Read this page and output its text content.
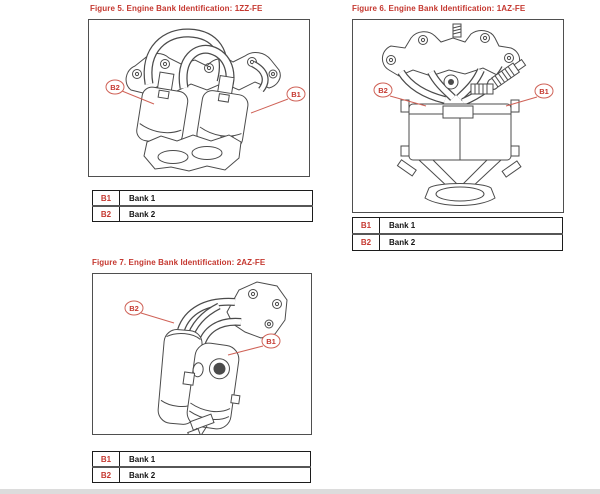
Figure 5. Engine Bank Identification: 1ZZ-FE
B2
B1
B1	Bank 1
B2	Bank 2
Figure 6. Engine Bank Identification: 1AZ-FE
B2	B1
B1	Bank 1
B2	Bank 2
Figure 7. Engine Bank Identification: 2AZ-FE
B2
B1
B1	Bank 1
B2	Bank 2
